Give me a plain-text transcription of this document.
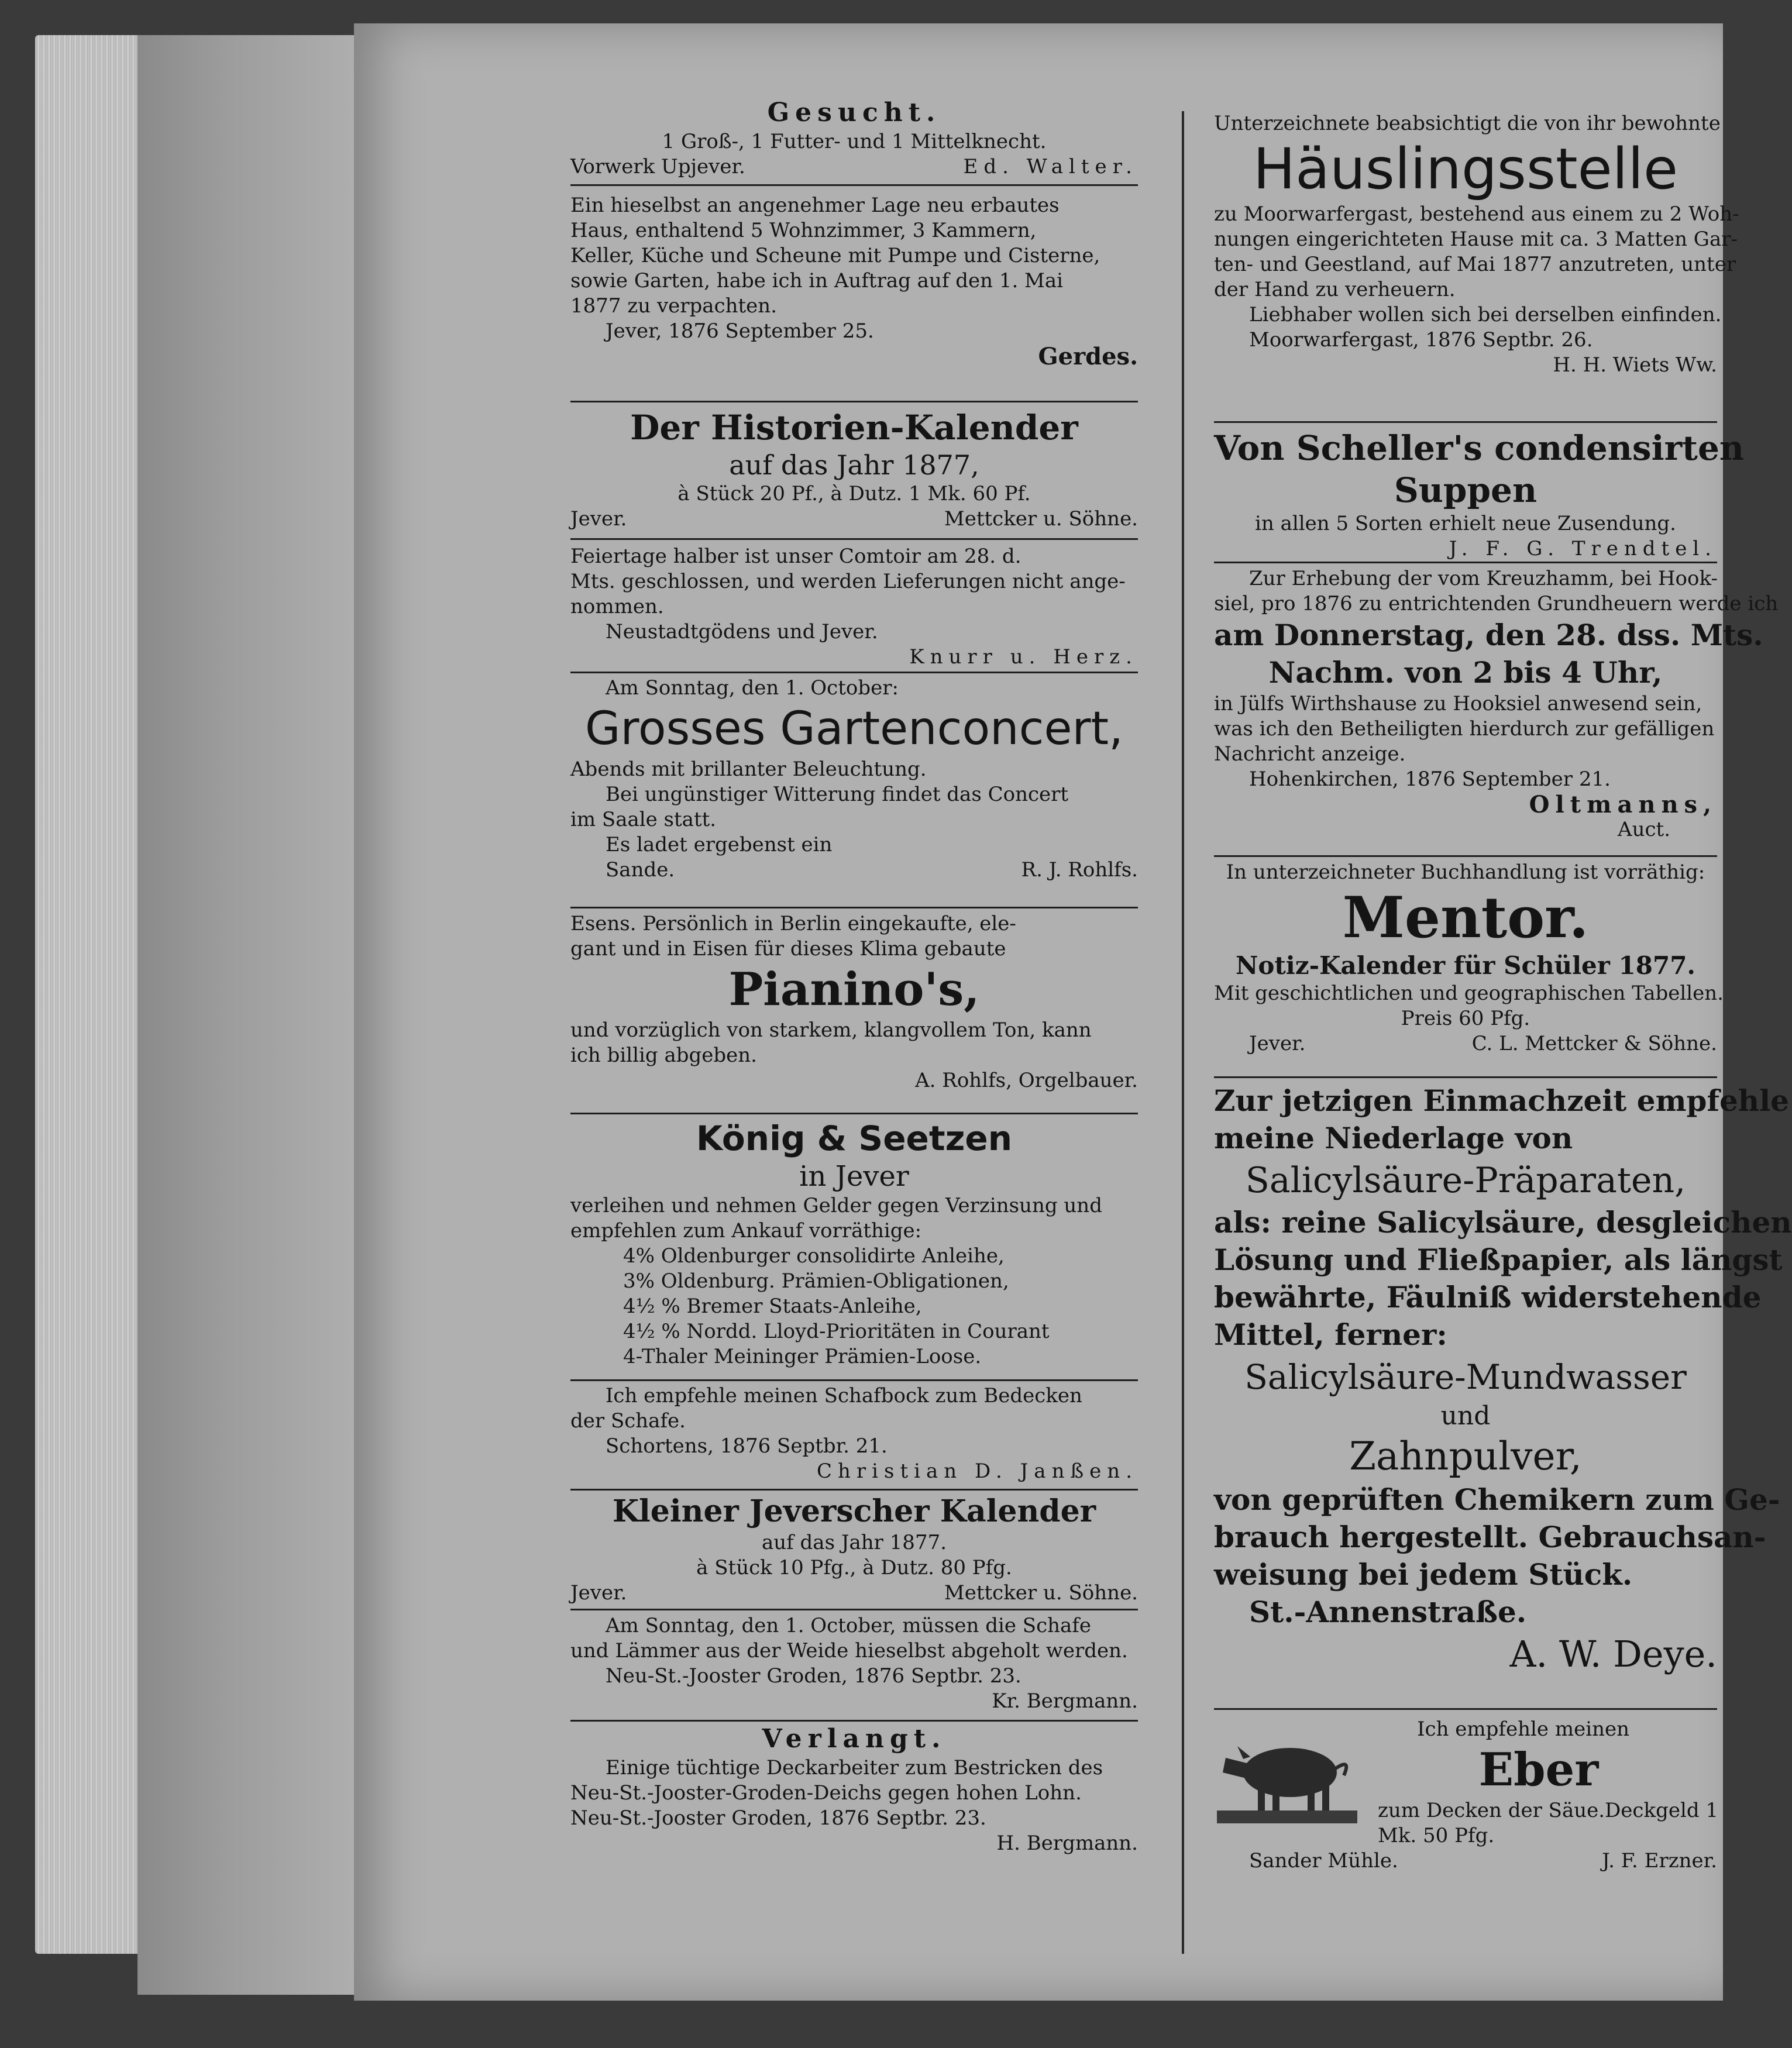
Gesucht.
1 Groß-, 1 Futter- und 1 Mittelknecht.
Vorwerk Upjever.	Ed. Walter.
Ein hieselbst an angenehmer Lage neu erbautes
Haus, enthaltend 5 Wohnzimmer, 3 Kammern,
Keller, Küche und Scheune mit Pumpe und Cisterne,
sowie Garten, habe ich in Auftrag auf den 1. Mai
1877 zu verpachten.
Jever, 1876 September 25.
Gerdes.
Der Historien-Kalender
auf das Jahr 1877,
à Stück 20 Pf., à Dutz. 1 Mk. 60 Pf.
Jever.	Mettcker u. Söhne.
Feiertage halber ist unser Comtoir am 28. d.
Mts. geschlossen, und werden Lieferungen nicht ange-
nommen.
Neustadtgödens und Jever.
Knurr u. Herz.
Am Sonntag, den 1. October:
Grosses Gartenconcert,
Abends mit brillanter Beleuchtung.
Bei ungünstiger Witterung findet das Concert
im Saale statt.
Es ladet ergebenst ein
Sande.	R. J. Rohlfs.
Esens. Persönlich in Berlin eingekaufte, ele-
gant und in Eisen für dieses Klima gebaute
Pianino's,
und vorzüglich von starkem, klangvollem Ton, kann
ich billig abgeben.
A. Rohlfs, Orgelbauer.
König & Seetzen
in Jever
verleihen und nehmen Gelder gegen Verzinsung und
empfehlen zum Ankauf vorräthige:
4% Oldenburger consolidirte Anleihe,
3% Oldenburg. Prämien-Obligationen,
4½ % Bremer Staats-Anleihe,
4½ % Nordd. Lloyd-Prioritäten in Courant
4-Thaler Meininger Prämien-Loose.
Ich empfehle meinen Schafbock zum Bedecken
der Schafe.
Schortens, 1876 Septbr. 21.
Christian D. Janßen.
Kleiner Jeverscher Kalender
auf das Jahr 1877.
à Stück 10 Pfg., à Dutz. 80 Pfg.
Jever.	Mettcker u. Söhne.
Am Sonntag, den 1. October, müssen die Schafe
und Lämmer aus der Weide hieselbst abgeholt werden.
Neu-St.-Jooster Groden, 1876 Septbr. 23.
Kr. Bergmann.
Verlangt.
Einige tüchtige Deckarbeiter zum Bestricken des
Neu-St.-Jooster-Groden-Deichs gegen hohen Lohn.
Neu-St.-Jooster Groden, 1876 Septbr. 23.
H. Bergmann.
Unterzeichnete beabsichtigt die von ihr bewohnte
Häuslingsstelle
zu Moorwarfergast, bestehend aus einem zu 2 Woh-
nungen eingerichteten Hause mit ca. 3 Matten Gar-
ten- und Geestland, auf Mai 1877 anzutreten, unter
der Hand zu verheuern.
Liebhaber wollen sich bei derselben einfinden.
Moorwarfergast, 1876 Septbr. 26.
H. H. Wiets Ww.
Von Scheller's condensirten
Suppen
in allen 5 Sorten erhielt neue Zusendung.
J. F. G. Trendtel.
Zur Erhebung der vom Kreuzhamm, bei Hook-
siel, pro 1876 zu entrichtenden Grundheuern werde ich
am Donnerstag, den 28. dss. Mts.
Nachm. von 2 bis 4 Uhr,
in Jülfs Wirthshause zu Hooksiel anwesend sein,
was ich den Betheiligten hierdurch zur gefälligen
Nachricht anzeige.
Hohenkirchen, 1876 September 21.
Oltmanns,
Auct.
In unterzeichneter Buchhandlung ist vorräthig:
Mentor.
Notiz-Kalender für Schüler 1877.
Mit geschichtlichen und geographischen Tabellen.
Preis 60 Pfg.
Jever.	C. L. Mettcker & Söhne.
Zur jetzigen Einmachzeit empfehle
meine Niederlage von
Salicylsäure-Präparaten,
als: reine Salicylsäure, desgleichen
Lösung und Fließpapier, als längst
bewährte, Fäulniß widerstehende
Mittel, ferner:
Salicylsäure-Mundwasser
und
Zahnpulver,
von geprüften Chemikern zum Ge-
brauch hergestellt. Gebrauchsan-
weisung bei jedem Stück.
St.-Annenstraße.
A. W. Deye.
Ich empfehle meinen
Eber
zum Decken der Säue. Deckgeld 1
Mk. 50 Pfg.
Sander Mühle.	J. F. Erzner.
